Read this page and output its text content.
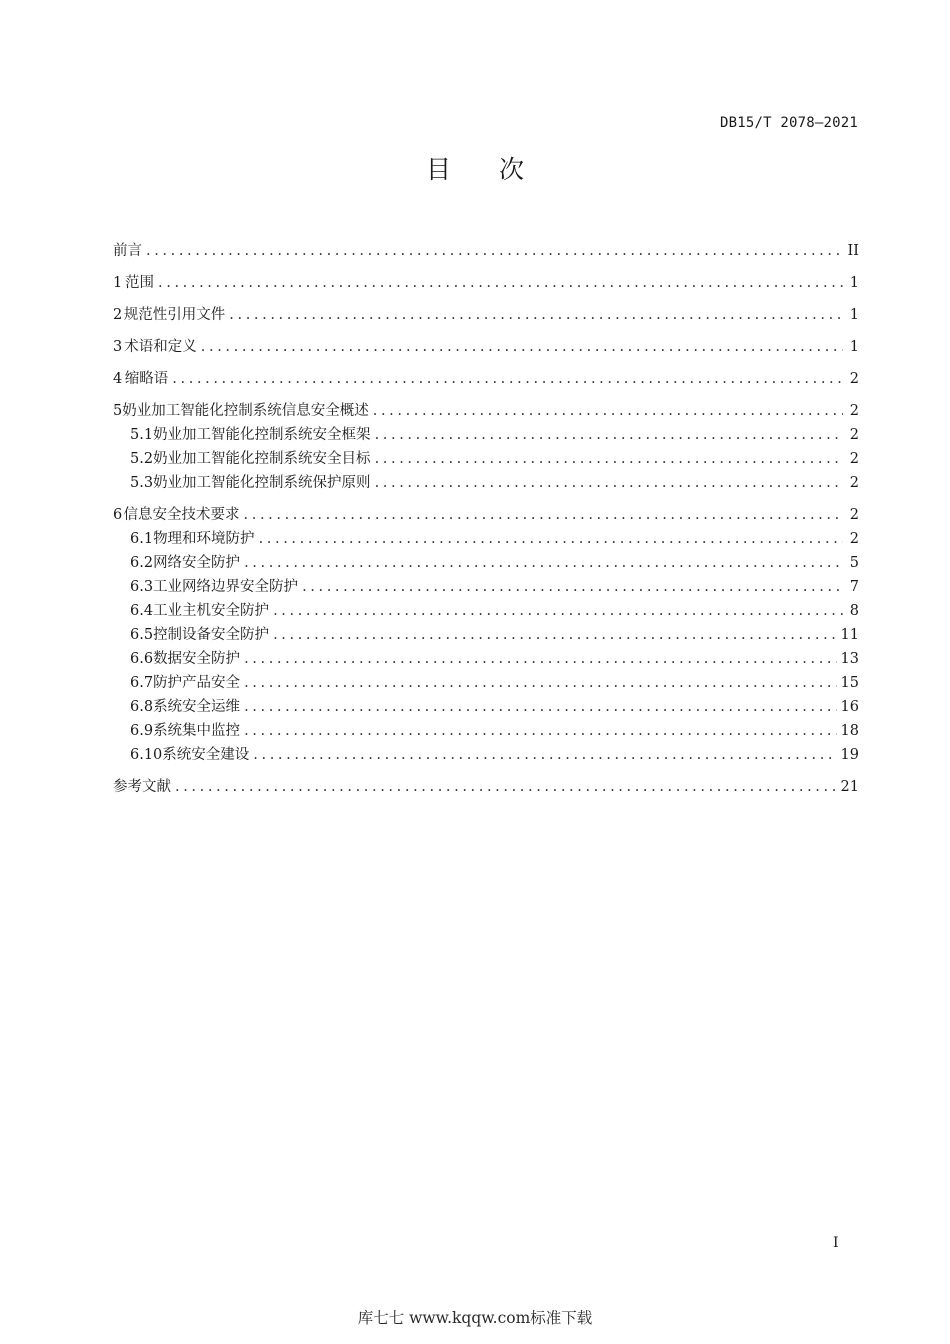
DB15/T 2078—2021
目次
前言 .....	II
1 范围 .....	1
2 规范性引用文件 .....	1
3 术语和定义 .....	1
4 缩略语 .....	2
5 奶业加工智能化控制系统信息安全概述 .....	2
5.1 奶业加工智能化控制系统安全框架 .....	2
5.2 奶业加工智能化控制系统安全目标 .....	2
5.3 奶业加工智能化控制系统保护原则 .....	2
6 信息安全技术要求 .....	2
6.1 物理和环境防护 .....	2
6.2 网络安全防护 .....	5
6.3 工业网络边界安全防护 .....	7
6.4 工业主机安全防护 .....	8
6.5 控制设备安全防护 .....	11
6.6 数据安全防护 .....	13
6.7 防护产品安全 .....	15
6.8 系统安全运维 .....	16
6.9 系统集中监控 .....	18
6.10 系统安全建设 .....	19
参考文献 .....	21
I
库七七 www.kqqw.com标准下载
